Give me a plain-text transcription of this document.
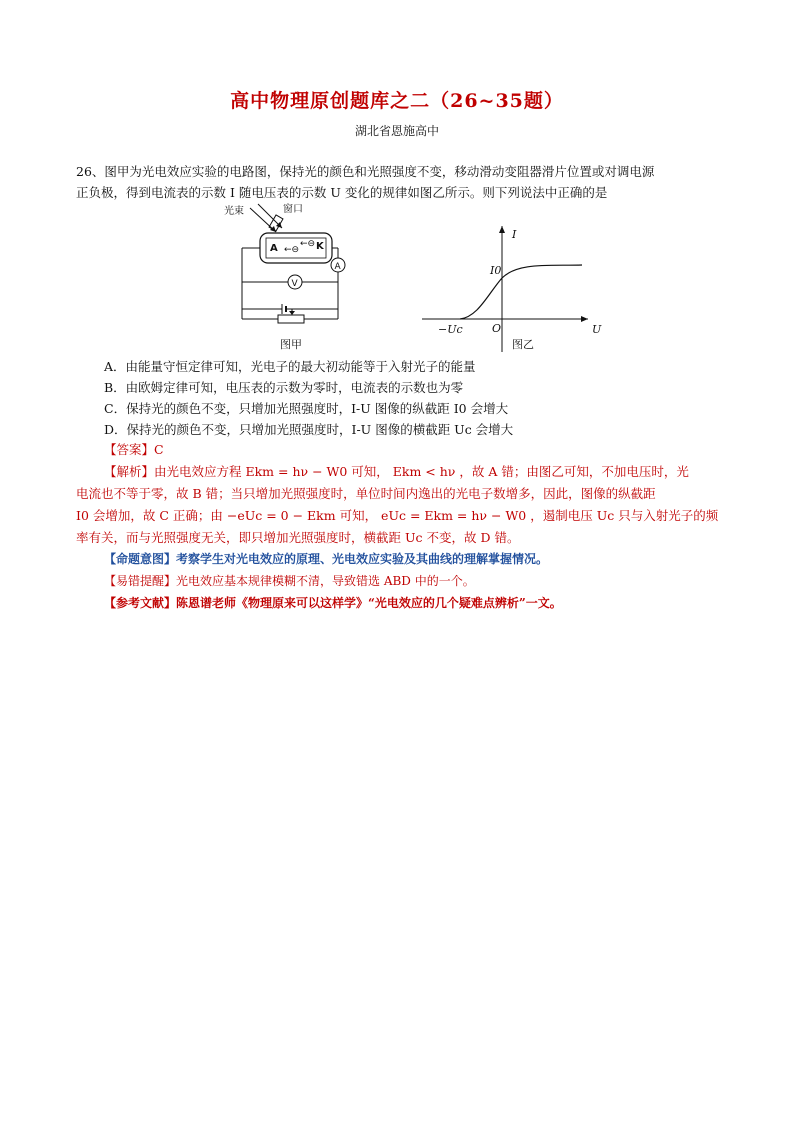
高中物理原创题库之二（26~35题）
湖北省恩施高中
26、图甲为光电效应实验的电路图，保持光的颜色和光照强度不变，移动滑动变阻器滑片位置或对调电源
正负极，得到电流表的示数 I 随电压表的示数 U 变化的规律如图乙所示。则下列说法中正确的是
光束	窗口
A	K
←⊖
←⊖
A
V
图甲
I
U
O
I0
−Uc
图乙
A．由能量守恒定律可知，光电子的最大初动能等于入射光子的能量
B．由欧姆定律可知，电压表的示数为零时，电流表的示数也为零
C．保持光的颜色不变，只增加光照强度时，I-U 图像的纵截距 I0 会增大
D．保持光的颜色不变，只增加光照强度时，I-U 图像的横截距 Uc 会增大
【答案】C
【解析】由光电效应方程 Ekm = hν − W0 可知， Ekm < hν ，故 A 错；由图乙可知，不加电压时，光
电流也不等于零，故 B 错；当只增加光照强度时，单位时间内逸出的光电子数增多，因此，图像的纵截距
I0 会增加，故 C 正确；由 −eUc = 0 − Ekm 可知， eUc = Ekm = hν − W0 ，遏制电压 Uc 只与入射光子的频
率有关，而与光照强度无关，即只增加光照强度时，横截距 Uc 不变，故 D 错。
【命题意图】考察学生对光电效应的原理、光电效应实验及其曲线的理解掌握情况。
【易错提醒】光电效应基本规律模糊不清，导致错选 ABD 中的一个。
【参考文献】陈恩谱老师《物理原来可以这样学》“光电效应的几个疑难点辨析”一文。
